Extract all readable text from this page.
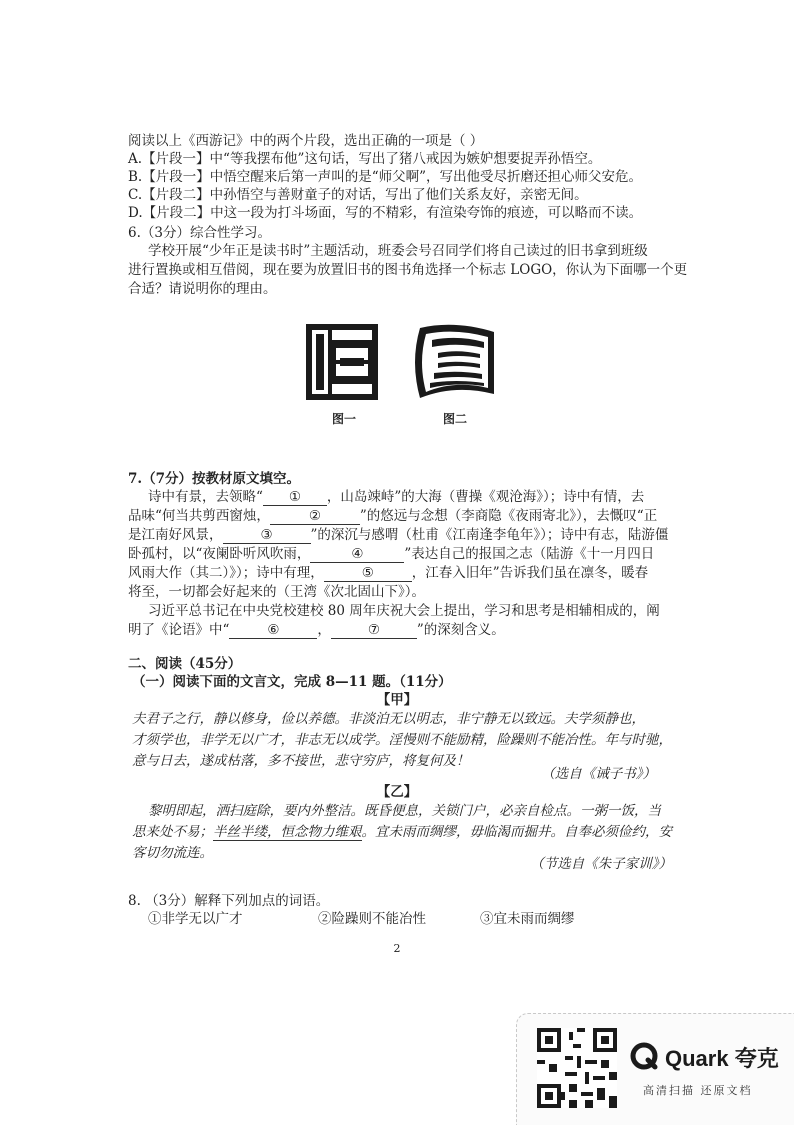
阅读以上《西游记》中的两个片段，选出正确的一项是（ ）
A.【片段一】中“等我摆布他”这句话，写出了猪八戒因为嫉妒想要捉弄孙悟空。
B.【片段一】中悟空醒来后第一声叫的是“师父啊”，写出他受尽折磨还担心师父安危。
C.【片段二】中孙悟空与善财童子的对话，写出了他们关系友好，亲密无间。
D.【片段二】中这一段为打斗场面，写的不精彩，有渲染夸饰的痕迹，可以略而不读。
6.（3分）综合性学习。
学校开展“少年正是读书时”主题活动，班委会号召同学们将自己读过的旧书拿到班级
进行置换或相互借阅，现在要为放置旧书的图书角选择一个标志 LOGO，你认为下面哪一个更
合适？请说明你的理由。
图一	图二
7.（7分）按教材原文填空。
诗中有景，去领略“ ① ，山岛竦峙”的大海（曹操《观沧海》）；诗中有情，去
品味“何当共剪西窗烛，	②	”的悠远与念想（李商隐《夜雨寄北》），去慨叹“正
是江南好风景，	③	”的深沉与感喟（杜甫《江南逢李龟年》）；诗中有志，陆游僵
卧孤村，以“夜阑卧听风吹雨，	④	”表达自己的报国之志（陆游《十一月四日
风雨大作（其二）》）；诗中有理，	⑤	，江春入旧年”告诉我们虽在凛冬，暖春
将至，一切都会好起来的（王湾《次北固山下》）。
习近平总书记在中央党校建校 80 周年庆祝大会上提出，学习和思考是相辅相成的，阐
明了《论语》中“	⑥	，	⑦	”的深刻含义。
二、阅读（45分）
（一）阅读下面的文言文，完成 8—11 题。（11分）
【甲】
夫君子之行，静以修身，俭以养德。非淡泊无以明志，非宁静无以致远。夫学须静也，
才须学也，非学无以广才，非志无以成学。淫慢则不能励精，险躁则不能冶性。年与时驰，
意与日去，遂成枯落，多不接世，悲守穷庐，将复何及！
（选自《诫子书》）
【乙】
黎明即起，洒扫庭除，要内外整洁。既昏便息，关锁门户，必亲自检点。一粥一饭，当
思来处不易；半丝半缕，恒念物力维艰。宜未雨而绸缪，毋临渴而掘井。自奉必须俭约，安
客切勿流连。
（节选自《朱子家训》）
8. （3分）解释下列加点的词语。
①非学无以广才	②险躁则不能冶性	③宜未雨而绸缪
2
Quark 夸克
高清扫描 还原文档
